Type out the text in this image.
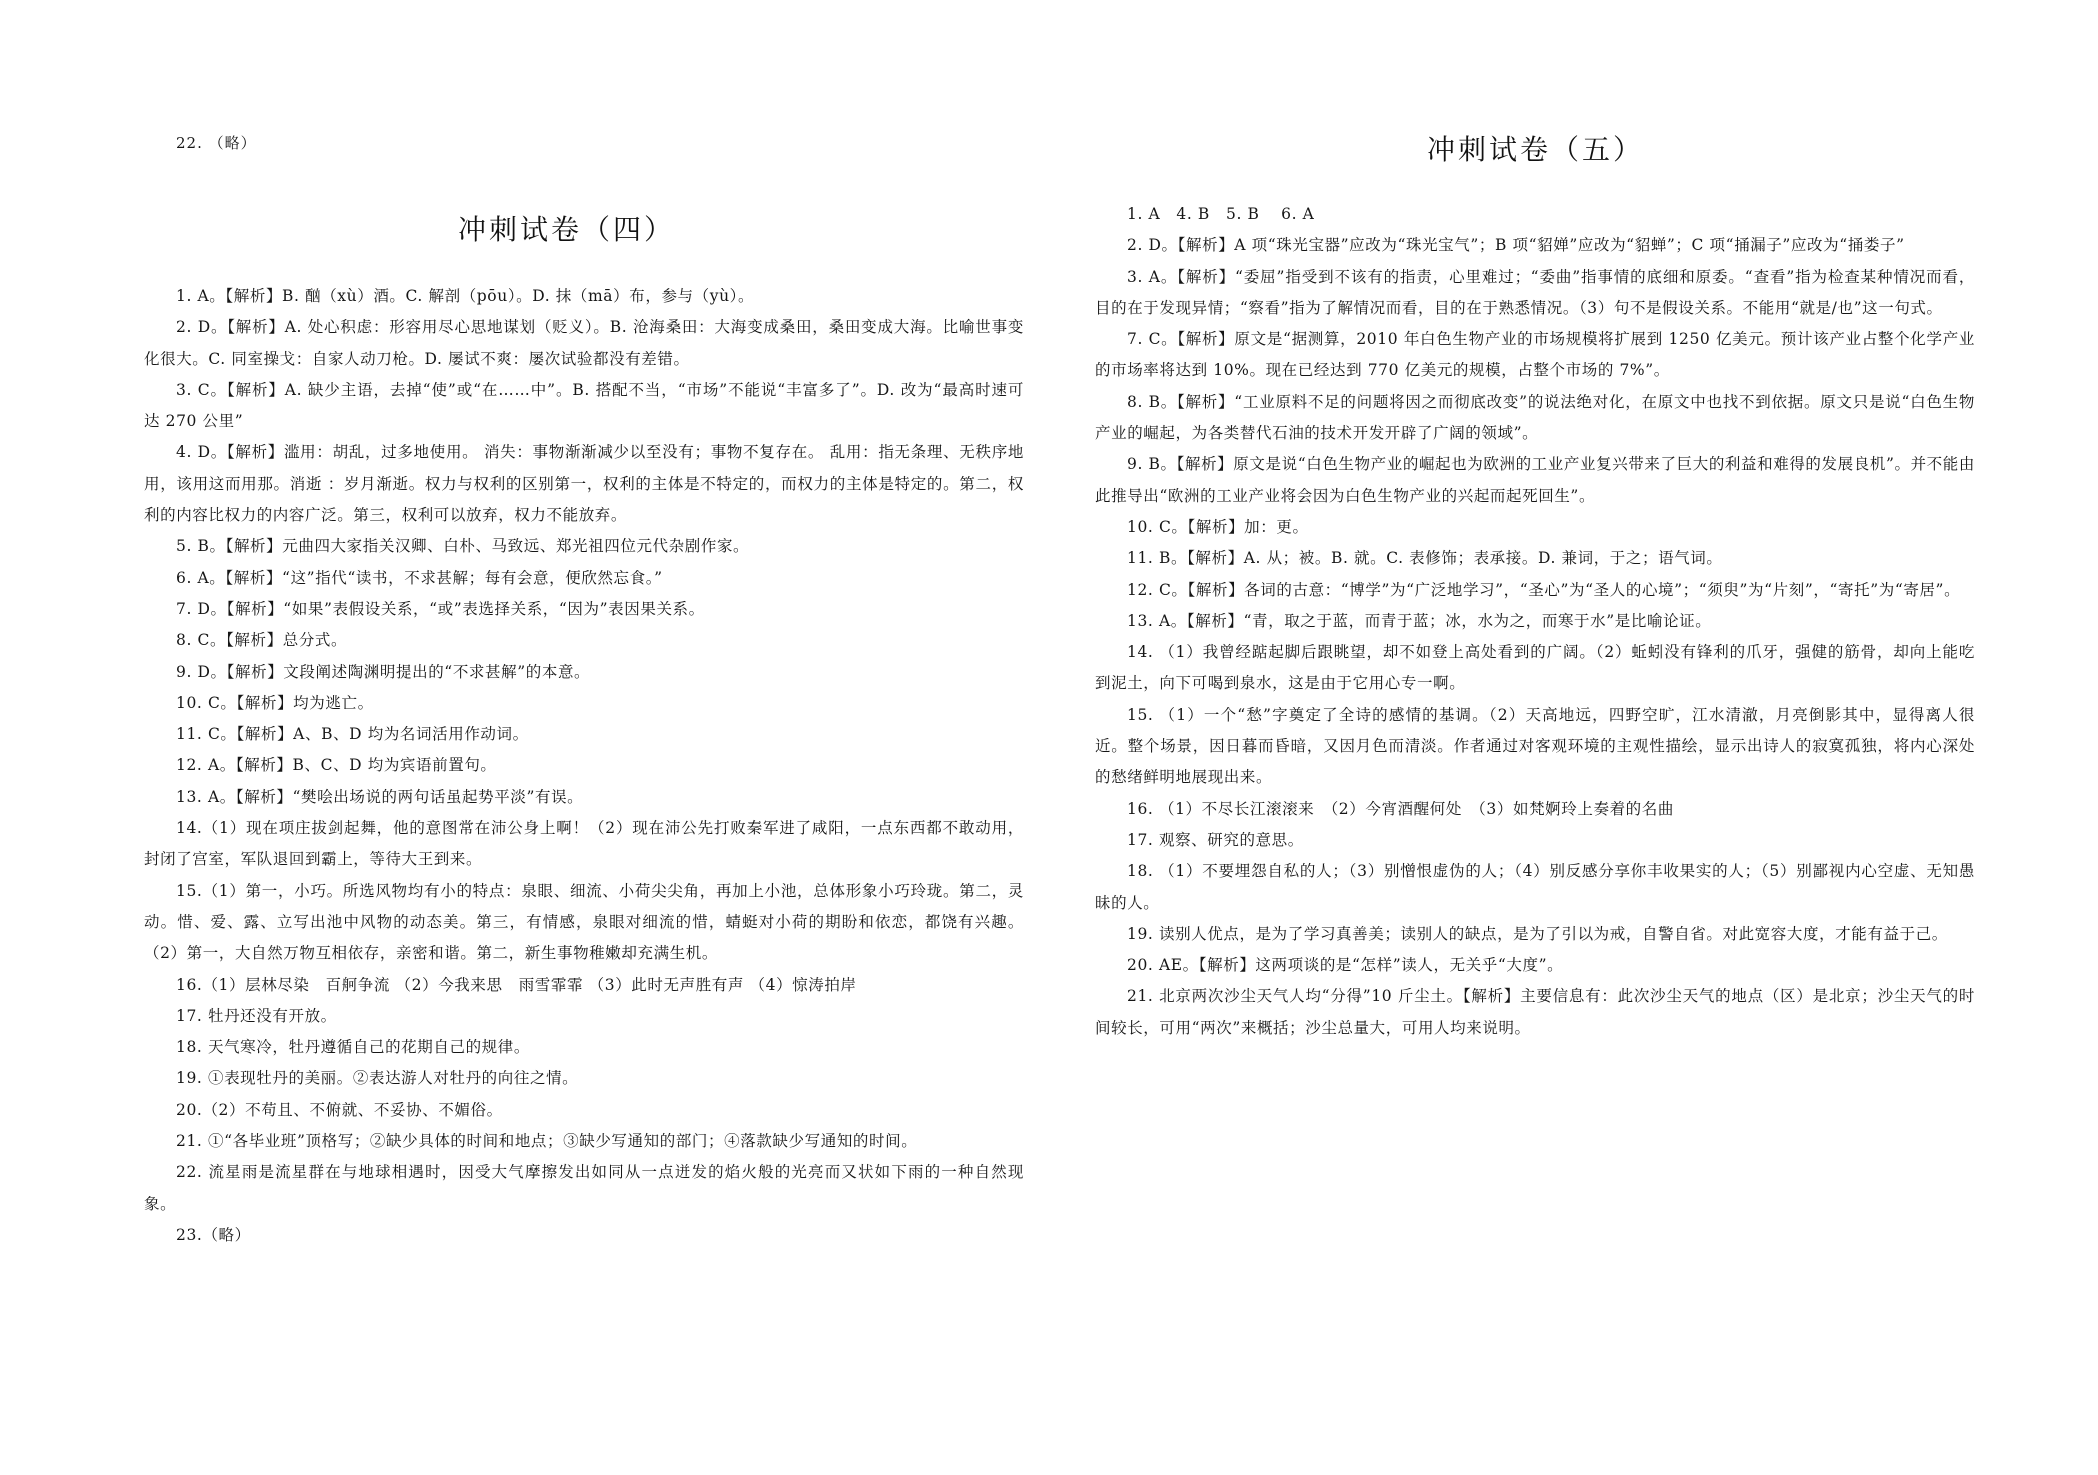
22. （略）
冲刺试卷（四）

1. A。【解析】B. 酗（xù）酒。C. 解剖（pōu）。D. 抹（mā）布，参与（yù）。

2. D。【解析】A. 处心积虑：形容用尽心思地谋划（贬义）。B. 沧海桑田：大海变成桑田，桑田变成大海。比喻世事变化很大。C. 同室操戈：自家人动刀枪。D. 屡试不爽：屡次试验都没有差错。

3. C。【解析】A. 缺少主语，去掉“使”或“在……中”。B. 搭配不当，“市场”不能说“丰富多了”。D. 改为“最高时速可达 270 公里”

4. D。【解析】滥用：胡乱，过多地使用。 消失：事物渐渐减少以至没有；事物不复存在。 乱用：指无条理、无秩序地用，该用这而用那。消逝 ：岁月渐逝。权力与权利的区别第一，权利的主体是不特定的，而权力的主体是特定的。第二，权利的内容比权力的内容广泛。第三，权利可以放弃，权力不能放弃。

5. B。【解析】元曲四大家指关汉卿、白朴、马致远、郑光祖四位元代杂剧作家。

6. A。【解析】“这”指代“读书，不求甚解；每有会意，便欣然忘食。”

7. D。【解析】“如果”表假设关系，“或”表选择关系，“因为”表因果关系。

8. C。【解析】总分式。

9. D。【解析】文段阐述陶渊明提出的“不求甚解”的本意。

10. C。【解析】均为逃亡。

11. C。【解析】A、B、D 均为名词活用作动词。

12. A。【解析】B、C、D 均为宾语前置句。

13. A。【解析】“樊哙出场说的两句话虽起势平淡”有误。

14.（1）现在项庄拔剑起舞，他的意图常在沛公身上啊！（2）现在沛公先打败秦军进了咸阳，一点东西都不敢动用，封闭了宫室，军队退回到霸上，等待大王到来。

15.（1）第一，小巧。所选风物均有小的特点：泉眼、细流、小荷尖尖角，再加上小池，总体形象小巧玲珑。第二，灵动。惜、爱、露、立写出池中风物的动态美。第三，有情感，泉眼对细流的惜，蜻蜓对小荷的期盼和依恋，都饶有兴趣。（2）第一，大自然万物互相依存，亲密和谐。第二，新生事物稚嫩却充满生机。

16.（1）层林尽染　百舸争流 （2）今我来思　雨雪霏霏 （3）此时无声胜有声 （4）惊涛拍岸

17. 牡丹还没有开放。

18. 天气寒冷，牡丹遵循自己的花期自己的规律。

19. ①表现牡丹的美丽。②表达游人对牡丹的向往之情。

20.（2）不苟且、不俯就、不妥协、不媚俗。

21. ①“各毕业班”顶格写；②缺少具体的时间和地点；③缺少写通知的部门；④落款缺少写通知的时间。

22. 流星雨是流星群在与地球相遇时，因受大气摩擦发出如同从一点迸发的焰火般的光亮而又状如下雨的一种自然现象。

23.（略）

冲刺试卷（五）

1. A　4. B　5. B　 6. A

2. D。【解析】A 项“珠光宝器”应改为“珠光宝气”；B 项“貂婵”应改为“貂蝉”；C 项“捅漏子”应改为“捅娄子”

3. A。【解析】“委屈”指受到不该有的指责，心里难过；“委曲”指事情的底细和原委。“查看”指为检查某种情况而看，目的在于发现异情；“察看”指为了解情况而看，目的在于熟悉情况。（3）句不是假设关系。不能用“就是/也”这一句式。

7. C。【解析】原文是“据测算，2010 年白色生物产业的市场规模将扩展到 1250 亿美元。预计该产业占整个化学产业的市场率将达到 10%。现在已经达到 770 亿美元的规模，占整个市场的 7%”。

8. B。【解析】“工业原料不足的问题将因之而彻底改变”的说法绝对化，在原文中也找不到依据。原文只是说“白色生物产业的崛起，为各类替代石油的技术开发开辟了广阔的领域”。

9. B。【解析】原文是说“白色生物产业的崛起也为欧洲的工业产业复兴带来了巨大的利益和难得的发展良机”。并不能由此推导出“欧洲的工业产业将会因为白色生物产业的兴起而起死回生”。

10. C。【解析】加：更。

11. B。【解析】A. 从；被。B. 就。C. 表修饰；表承接。D. 兼词，于之；语气词。

12. C。【解析】各词的古意：“博学”为“广泛地学习”，“圣心”为“圣人的心境”；“须臾”为“片刻”，“寄托”为“寄居”。

13. A。【解析】“青，取之于蓝，而青于蓝；冰，水为之，而寒于水”是比喻论证。

14. （1）我曾经踮起脚后跟眺望，却不如登上高处看到的广阔。（2）蚯蚓没有锋利的爪牙，强健的筋骨，却向上能吃到泥土，向下可喝到泉水，这是由于它用心专一啊。

15. （1）一个“愁”字奠定了全诗的感情的基调。（2）天高地远，四野空旷，江水清澈，月亮倒影其中，显得离人很近。整个场景，因日暮而昏暗，又因月色而清淡。作者通过对客观环境的主观性描绘，显示出诗人的寂寞孤独，将内心深处的愁绪鲜明地展现出来。

16. （1）不尽长江滚滚来　（2）今宵酒醒何处　（3）如梵婀玲上奏着的名曲

17. 观察、研究的意思。

18. （1）不要埋怨自私的人；（3）别憎恨虚伪的人；（4）别反感分享你丰收果实的人；（5）别鄙视内心空虚、无知愚昧的人。

19. 读别人优点，是为了学习真善美；读别人的缺点，是为了引以为戒，自警自省。对此宽容大度，才能有益于己。

20. AE。【解析】这两项谈的是“怎样”读人，无关乎“大度”。

21. 北京两次沙尘天气人均“分得”10 斤尘土。【解析】主要信息有：此次沙尘天气的地点（区）是北京；沙尘天气的时间较长，可用“两次”来概括；沙尘总量大，可用人均来说明。
